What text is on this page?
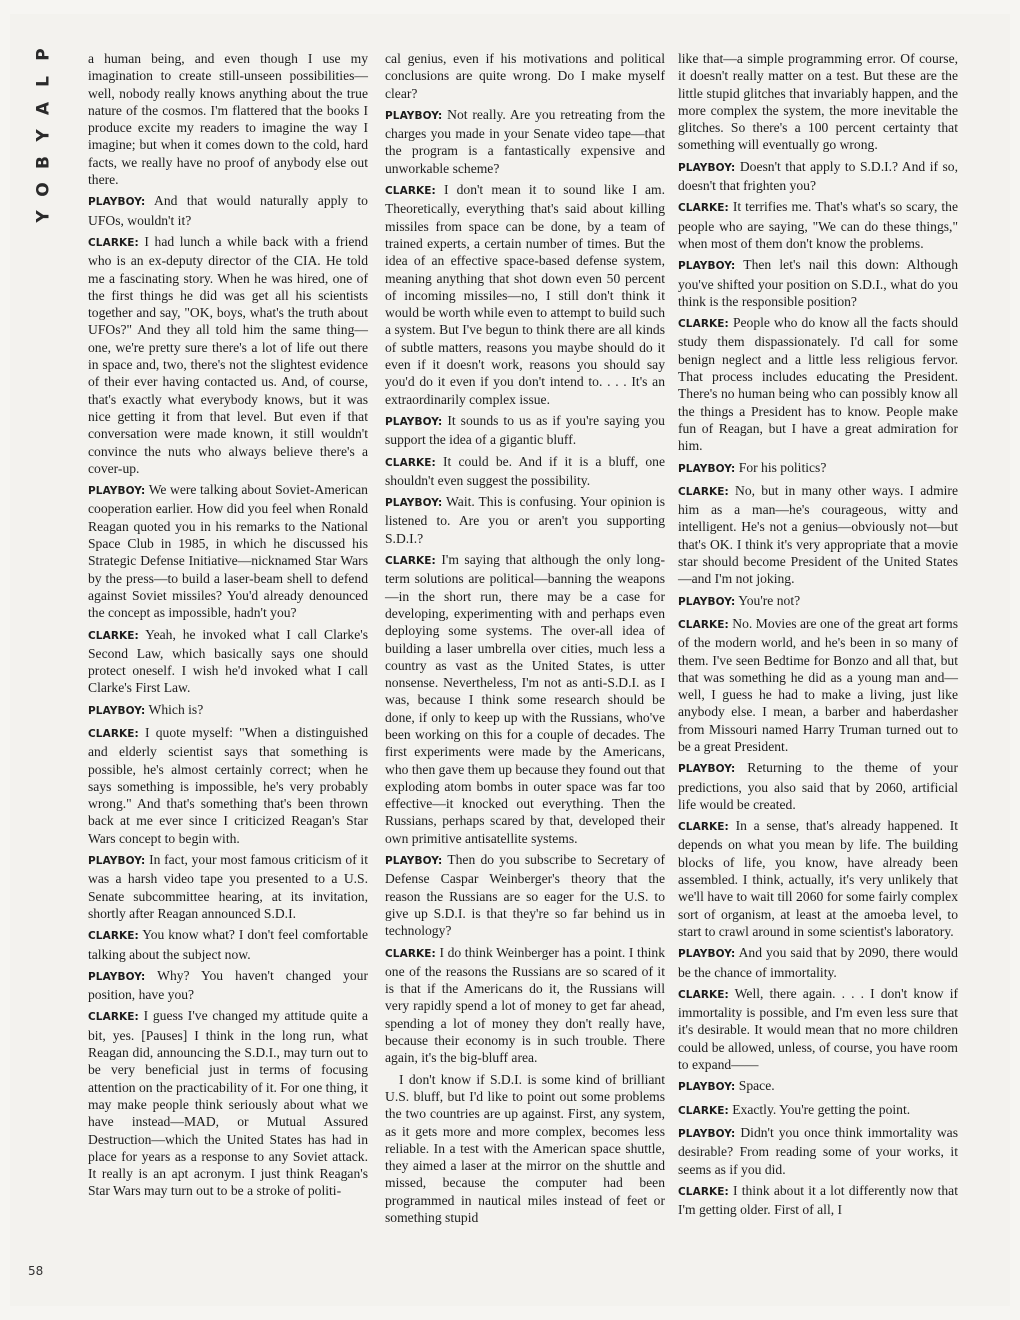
P
L
A
Y
B
O
Y

a human being, and even though I use my imagination to create still-unseen possibilities—well, nobody really knows anything about the true nature of the cosmos. I'm flattered that the books I produce excite my readers to imagine the way I imagine; but when it comes down to the cold, hard facts, we really have no proof of anybody else out there.

PLAYBOY: And that would naturally apply to UFOs, wouldn't it?

CLARKE: I had lunch a while back with a friend who is an ex-deputy director of the CIA. He told me a fascinating story. When he was hired, one of the first things he did was get all his scientists together and say, "OK, boys, what's the truth about UFOs?" And they all told him the same thing—one, we're pretty sure there's a lot of life out there in space and, two, there's not the slightest evidence of their ever having contacted us. And, of course, that's exactly what everybody knows, but it was nice getting it from that level. But even if that conversation were made known, it still wouldn't convince the nuts who always believe there's a cover-up.

PLAYBOY: We were talking about Soviet-American cooperation earlier. How did you feel when Ronald Reagan quoted you in his remarks to the National Space Club in 1985, in which he discussed his Strategic Defense Initiative—nicknamed Star Wars by the press—to build a laser-beam shell to defend against Soviet missiles? You'd already denounced the concept as impossible, hadn't you?

CLARKE: Yeah, he invoked what I call Clarke's Second Law, which basically says one should protect oneself. I wish he'd invoked what I call Clarke's First Law.

PLAYBOY: Which is?

CLARKE: I quote myself: "When a distinguished and elderly scientist says that something is possible, he's almost certainly correct; when he says something is impossible, he's very probably wrong." And that's something that's been thrown back at me ever since I criticized Reagan's Star Wars concept to begin with.

PLAYBOY: In fact, your most famous criticism of it was a harsh video tape you presented to a U.S. Senate subcommittee hearing, at its invitation, shortly after Reagan announced S.D.I.

CLARKE: You know what? I don't feel comfortable talking about the subject now.

PLAYBOY: Why? You haven't changed your position, have you?

CLARKE: I guess I've changed my attitude quite a bit, yes. [Pauses] I think in the long run, what Reagan did, announcing the S.D.I., may turn out to be very beneficial just in terms of focusing attention on the practicability of it. For one thing, it may make people think seriously about what we have instead—MAD, or Mutual Assured Destruction—which the United States has had in place for years as a response to any Soviet attack. It really is an apt acronym. I just think Reagan's Star Wars may turn out to be a stroke of politi-

cal genius, even if his motivations and political conclusions are quite wrong. Do I make myself clear?

PLAYBOY: Not really. Are you retreating from the charges you made in your Senate video tape—that the program is a fantastically expensive and unworkable scheme?

CLARKE: I don't mean it to sound like I am. Theoretically, everything that's said about killing missiles from space can be done, by a team of trained experts, a certain number of times. But the idea of an effective space-based defense system, meaning anything that shot down even 50 percent of incoming missiles—no, I still don't think it would be worth while even to attempt to build such a system. But I've begun to think there are all kinds of subtle matters, reasons you maybe should do it even if it doesn't work, reasons you should say you'd do it even if you don't intend to. . . . It's an extraordinarily complex issue.

PLAYBOY: It sounds to us as if you're saying you support the idea of a gigantic bluff.

CLARKE: It could be. And if it is a bluff, one shouldn't even suggest the possibility.

PLAYBOY: Wait. This is confusing. Your opinion is listened to. Are you or aren't you supporting S.D.I.?

CLARKE: I'm saying that although the only long-term solutions are political—banning the weapons—in the short run, there may be a case for developing, experimenting with and perhaps even deploying some systems. The over-all idea of building a laser umbrella over cities, much less a country as vast as the United States, is utter nonsense. Nevertheless, I'm not as anti-S.D.I. as I was, because I think some research should be done, if only to keep up with the Russians, who've been working on this for a couple of decades. The first experiments were made by the Americans, who then gave them up because they found out that exploding atom bombs in outer space was far too effective—it knocked out everything. Then the Russians, perhaps scared by that, developed their own primitive antisatellite systems.

PLAYBOY: Then do you subscribe to Secretary of Defense Caspar Weinberger's theory that the reason the Russians are so eager for the U.S. to give up S.D.I. is that they're so far behind us in technology?

CLARKE: I do think Weinberger has a point. I think one of the reasons the Russians are so scared of it is that if the Americans do it, the Russians will very rapidly spend a lot of money to get far ahead, spending a lot of money they don't really have, because their economy is in such trouble. There again, it's the big-bluff area.

I don't know if S.D.I. is some kind of brilliant U.S. bluff, but I'd like to point out some problems the two countries are up against. First, any system, as it gets more and more complex, becomes less reliable. In a test with the American space shuttle, they aimed a laser at the mirror on the shuttle and missed, because the computer had been programmed in nautical miles instead of feet or something stupid

like that—a simple programming error. Of course, it doesn't really matter on a test. But these are the little stupid glitches that invariably happen, and the more complex the system, the more inevitable the glitches. So there's a 100 percent certainty that something will eventually go wrong.

PLAYBOY: Doesn't that apply to S.D.I.? And if so, doesn't that frighten you?

CLARKE: It terrifies me. That's what's so scary, the people who are saying, "We can do these things," when most of them don't know the problems.

PLAYBOY: Then let's nail this down: Although you've shifted your position on S.D.I., what do you think is the responsible position?

CLARKE: People who do know all the facts should study them dispassionately. I'd call for some benign neglect and a little less religious fervor. That process includes educating the President. There's no human being who can possibly know all the things a President has to know. People make fun of Reagan, but I have a great admiration for him.

PLAYBOY: For his politics?

CLARKE: No, but in many other ways. I admire him as a man—he's courageous, witty and intelligent. He's not a genius—obviously not—but that's OK. I think it's very appropriate that a movie star should become President of the United States—and I'm not joking.

PLAYBOY: You're not?

CLARKE: No. Movies are one of the great art forms of the modern world, and he's been in so many of them. I've seen Bedtime for Bonzo and all that, but that was something he did as a young man and—well, I guess he had to make a living, just like anybody else. I mean, a barber and haberdasher from Missouri named Harry Truman turned out to be a great President.

PLAYBOY: Returning to the theme of your predictions, you also said that by 2060, artificial life would be created.

CLARKE: In a sense, that's already happened. It depends on what you mean by life. The building blocks of life, you know, have already been assembled. I think, actually, it's very unlikely that we'll have to wait till 2060 for some fairly complex sort of organism, at least at the amoeba level, to start to crawl around in some scientist's laboratory.

PLAYBOY: And you said that by 2090, there would be the chance of immortality.

CLARKE: Well, there again. . . . I don't know if immortality is possible, and I'm even less sure that it's desirable. It would mean that no more children could be allowed, unless, of course, you have room to expand——

PLAYBOY: Space.

CLARKE: Exactly. You're getting the point.

PLAYBOY: Didn't you once think immortality was desirable? From reading some of your works, it seems as if you did.

CLARKE: I think about it a lot differently now that I'm getting older. First of all, I

58
